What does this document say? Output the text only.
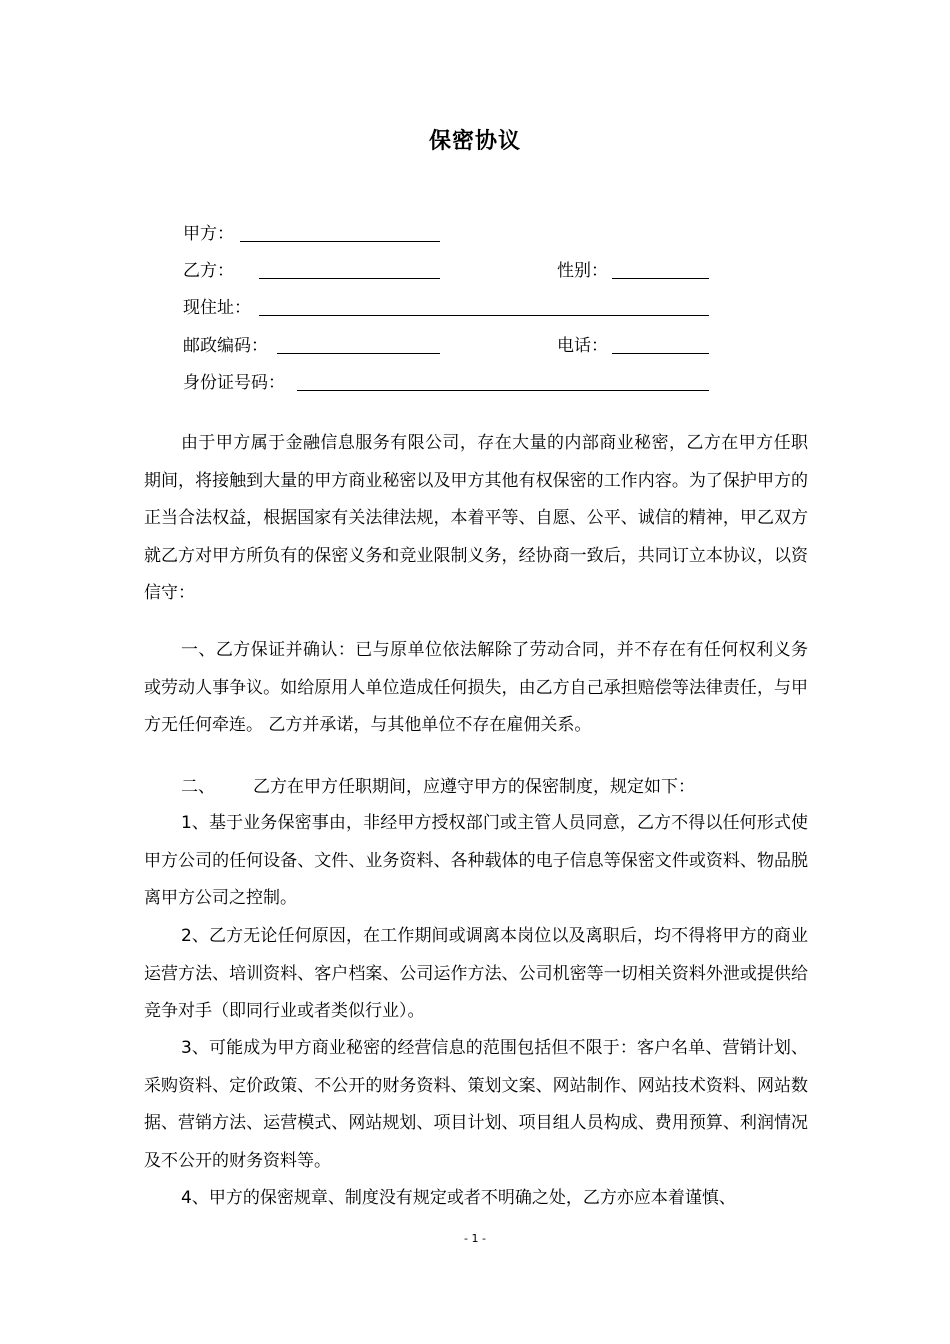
保密协议
甲方：
乙方：	性别：
现住址：
邮政编码：	电话：
身份证号码：

由于甲方属于金融信息服务有限公司，存在大量的内部商业秘密，乙方在甲方任职期间，将接触到大量的甲方商业秘密以及甲方其他有权保密的工作内容。为了保护甲方的正当合法权益，根据国家有关法律法规，本着平等、自愿、公平、诚信的精神，甲乙双方就乙方对甲方所负有的保密义务和竞业限制义务，经协商一致后，共同订立本协议，以资信守：

一、乙方保证并确认：已与原单位依法解除了劳动合同，并不存在有任何权利义务或劳动人事争议。如给原用人单位造成任何损失，由乙方自己承担赔偿等法律责任，与甲方无任何牵连。 乙方并承诺，与其他单位不存在雇佣关系。

二、 乙方在甲方任职期间，应遵守甲方的保密制度，规定如下：

1、基于业务保密事由，非经甲方授权部门或主管人员同意，乙方不得以任何形式使甲方公司的任何设备、文件、业务资料、各种载体的电子信息等保密文件或资料、物品脱离甲方公司之控制。

2、乙方无论任何原因，在工作期间或调离本岗位以及离职后，均不得将甲方的商业运营方法、培训资料、客户档案、公司运作方法、公司机密等一切相关资料外泄或提供给竞争对手（即同行业或者类似行业）。

3、可能成为甲方商业秘密的经营信息的范围包括但不限于：客户名单、营销计划、采购资料、定价政策、不公开的财务资料、策划文案、网站制作、网站技术资料、网站数据、营销方法、运营模式、网站规划、项目计划、项目组人员构成、费用预算、利润情况及不公开的财务资料等。

4、甲方的保密规章、制度没有规定或者不明确之处，乙方亦应本着谨慎、

- 1 -
